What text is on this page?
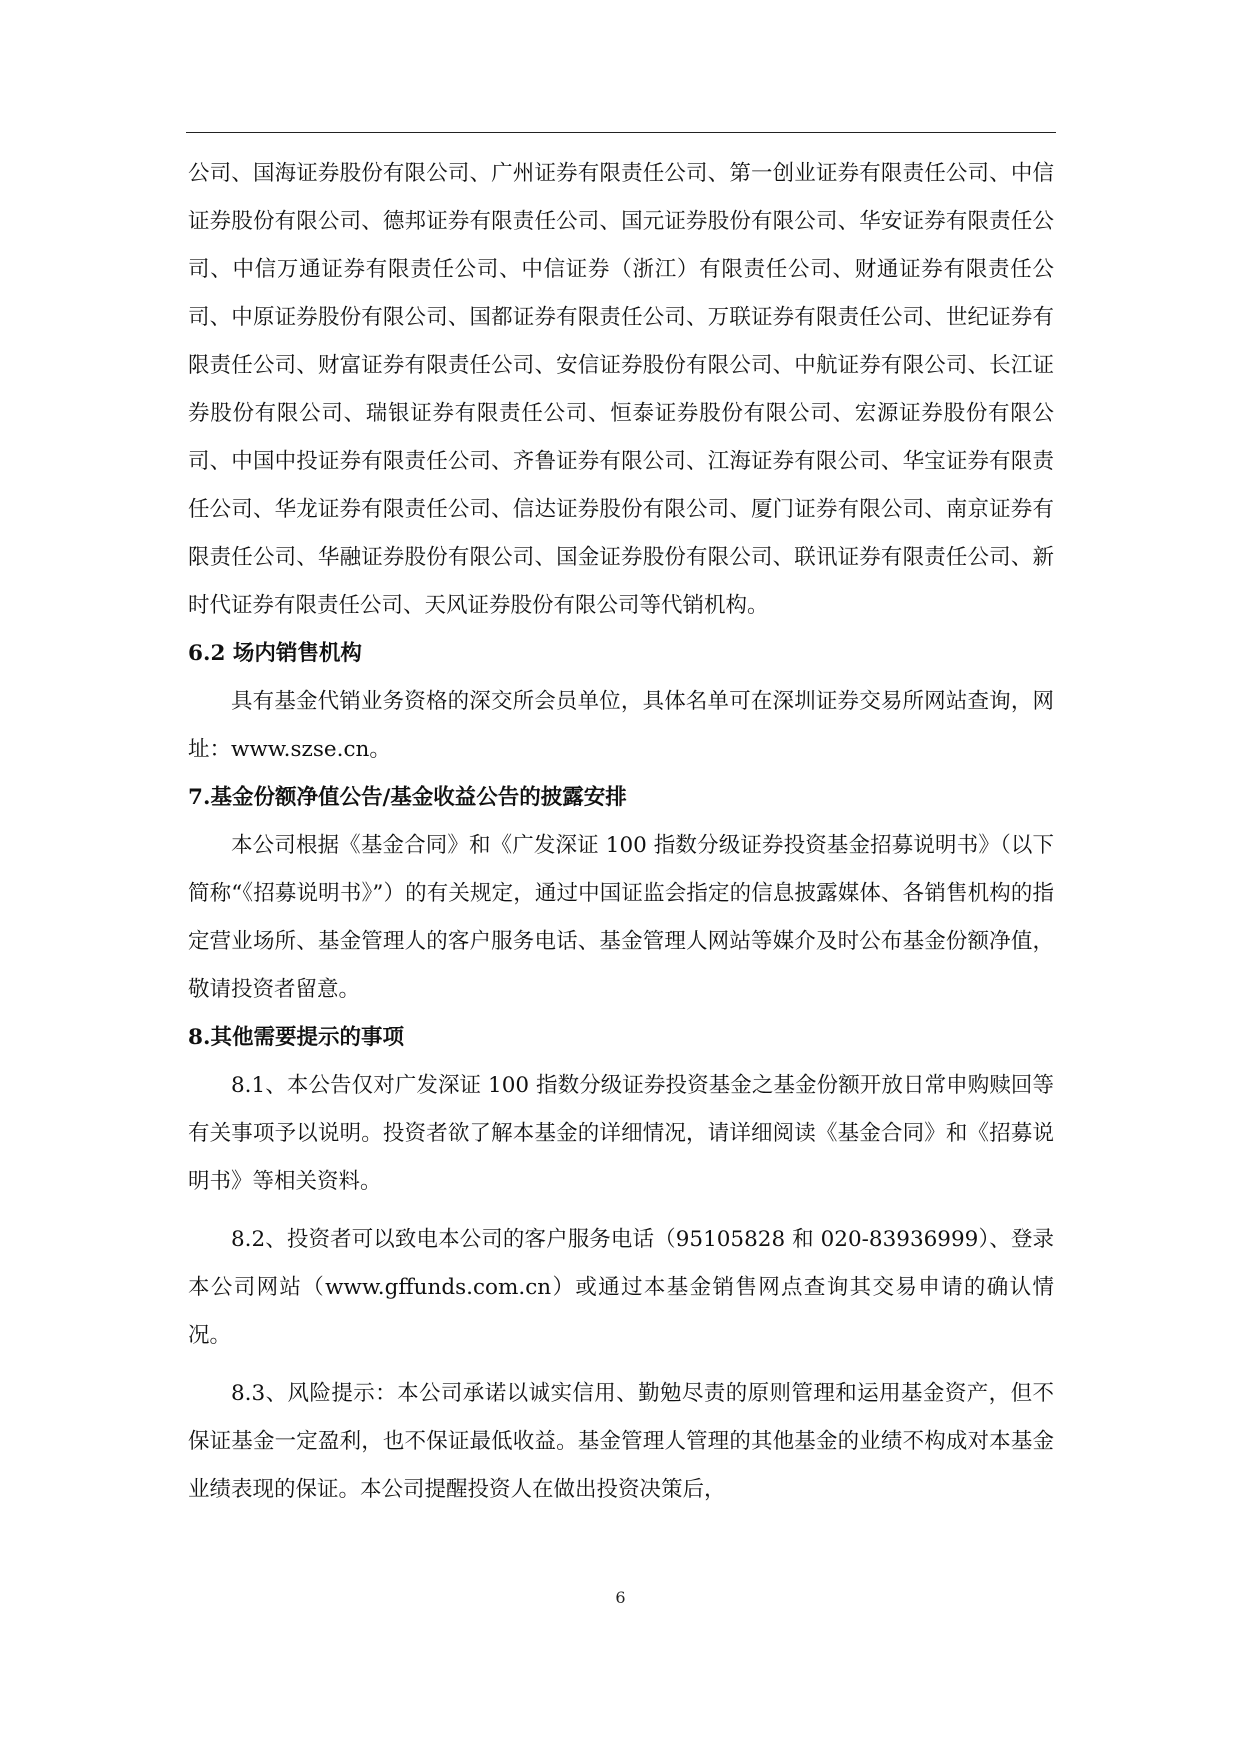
公司、国海证券股份有限公司、广州证券有限责任公司、第一创业证券有限责任公司、中信证券股份有限公司、德邦证券有限责任公司、国元证券股份有限公司、华安证券有限责任公司、中信万通证券有限责任公司、中信证券（浙江）有限责任公司、财通证券有限责任公司、中原证券股份有限公司、国都证券有限责任公司、万联证券有限责任公司、世纪证券有限责任公司、财富证券有限责任公司、安信证券股份有限公司、中航证券有限公司、长江证券股份有限公司、瑞银证券有限责任公司、恒泰证券股份有限公司、宏源证券股份有限公司、中国中投证券有限责任公司、齐鲁证券有限公司、江海证券有限公司、华宝证券有限责任公司、华龙证券有限责任公司、信达证券股份有限公司、厦门证券有限公司、南京证券有限责任公司、华融证券股份有限公司、国金证券股份有限公司、联讯证券有限责任公司、新时代证券有限责任公司、天风证券股份有限公司等代销机构。

6.2 场内销售机构

具有基金代销业务资格的深交所会员单位，具体名单可在深圳证券交易所网站查询，网址：www.szse.cn。

7.基金份额净值公告/基金收益公告的披露安排

本公司根据《基金合同》和《广发深证 100 指数分级证券投资基金招募说明书》（以下简称“《招募说明书》”）的有关规定，通过中国证监会指定的信息披露媒体、各销售机构的指定营业场所、基金管理人的客户服务电话、基金管理人网站等媒介及时公布基金份额净值，敬请投资者留意。

8.其他需要提示的事项

8.1、本公告仅对广发深证 100 指数分级证券投资基金之基金份额开放日常申购赎回等有关事项予以说明。投资者欲了解本基金的详细情况，请详细阅读《基金合同》和《招募说明书》等相关资料。

8.2、投资者可以致电本公司的客户服务电话（95105828 和 020-83936999）、登录本公司网站（www.gffunds.com.cn）或通过本基金销售网点查询其交易申请的确认情况。

8.3、风险提示：本公司承诺以诚实信用、勤勉尽责的原则管理和运用基金资产，但不保证基金一定盈利，也不保证最低收益。基金管理人管理的其他基金的业绩不构成对本基金业绩表现的保证。本公司提醒投资人在做出投资决策后，

6
